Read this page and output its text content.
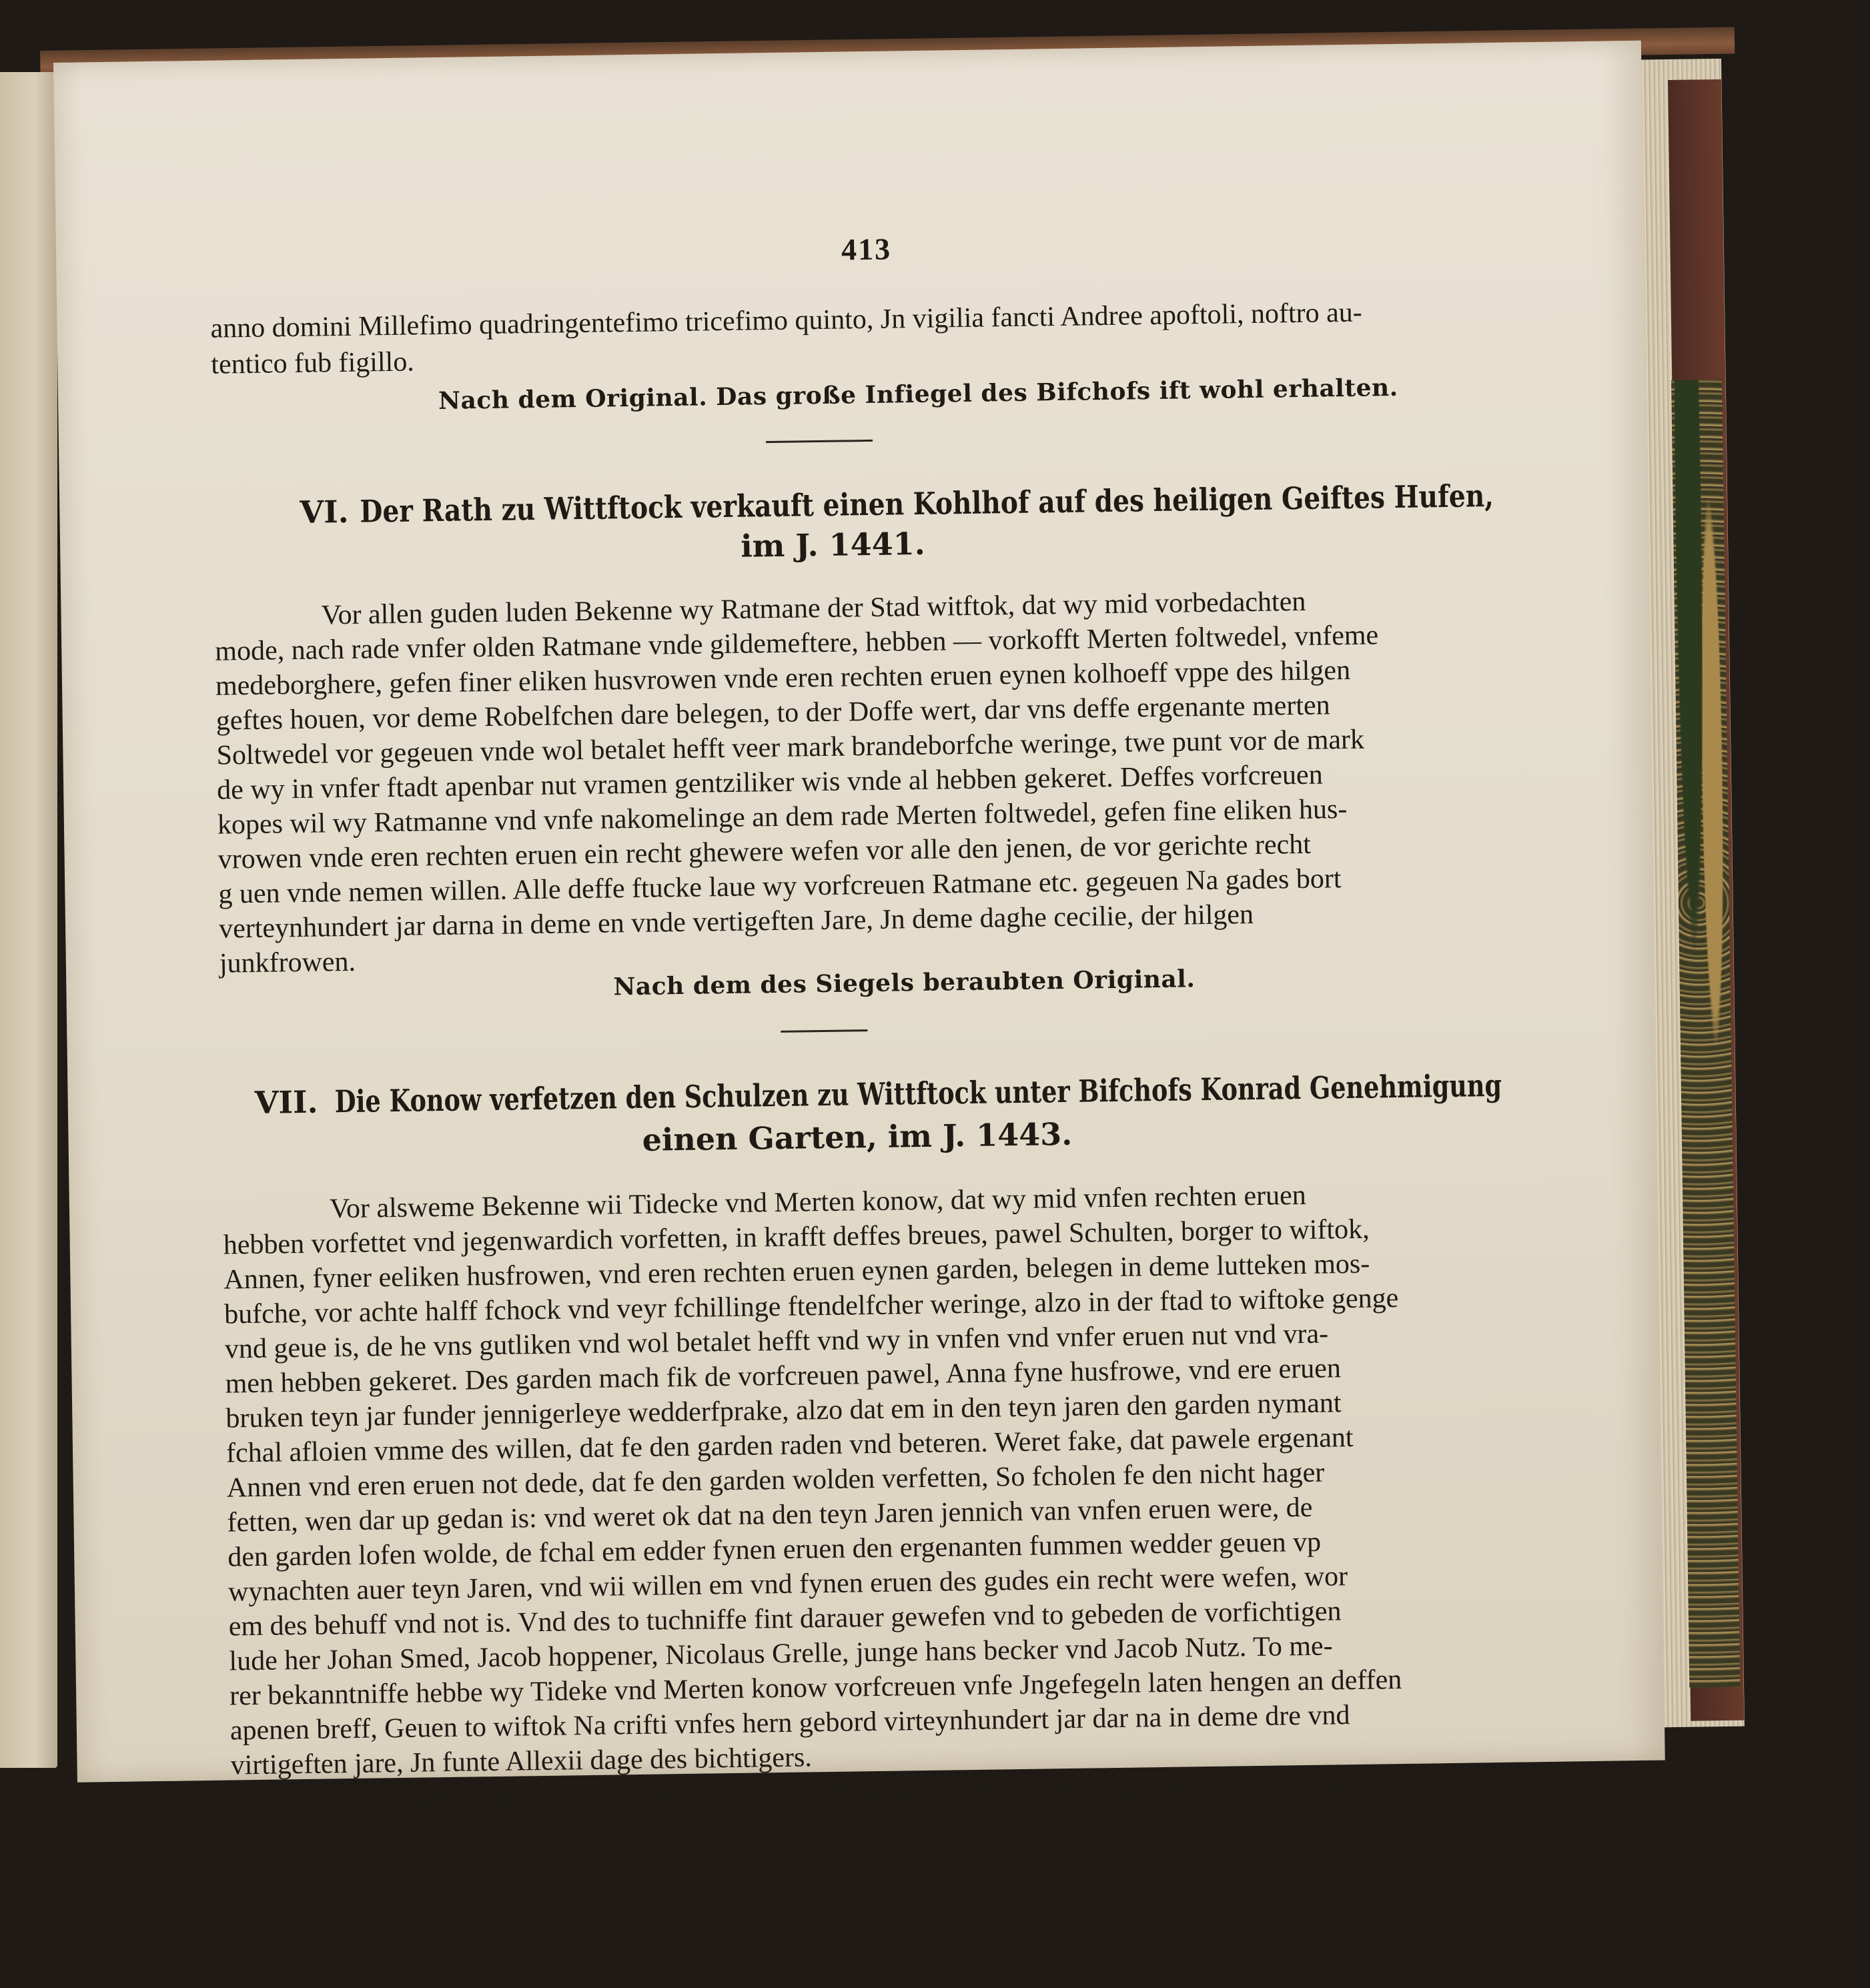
413
anno domini Millefimo quadringentefimo tricefimo quinto, Jn vigilia fancti Andree apoftoli, noftro au-
tentico fub figillo.
Nach dem Original. Das große Infiegel des Bifchofs ift wohl erhalten.
VI. Der Rath zu Wittftock verkauft einen Kohlhof auf des heiligen Geiftes Hufen,
im J. 1441.
Vor allen guden luden Bekenne wy Ratmane der Stad witftok, dat wy mid vorbedachten
mode, nach rade vnfer olden Ratmane vnde gildemeftere, hebben — vorkofft Merten foltwedel, vnfeme
medeborghere, gefen finer eliken husvrowen vnde eren rechten eruen eynen kolhoeff vppe des hilgen
geftes houen, vor deme Robelfchen dare belegen, to der Doffe wert, dar vns deffe ergenante merten
Soltwedel vor gegeuen vnde wol betalet hefft veer mark brandeborfche weringe, twe punt vor de mark
de wy in vnfer ftadt apenbar nut vramen gentziliker wis vnde al hebben gekeret. Deffes vorfcreuen
kopes wil wy Ratmanne vnd vnfe nakomelinge an dem rade Merten foltwedel, gefen fine eliken hus-
vrowen vnde eren rechten eruen ein recht ghewere wefen vor alle den jenen, de vor gerichte recht
g uen vnde nemen willen. Alle deffe ftucke laue wy vorfcreuen Ratmane etc. gegeuen Na gades bort
verteynhundert jar darna in deme en vnde vertigeften Jare, Jn deme daghe cecilie, der hilgen
junkfrowen.
Nach dem des Siegels beraubten Original.
VII. Die Konow verfetzen den Schulzen zu Wittftock unter Bifchofs Konrad Genehmigung
einen Garten, im J. 1443.
Vor alsweme Bekenne wii Tidecke vnd Merten konow, dat wy mid vnfen rechten eruen
hebben vorfettet vnd jegenwardich vorfetten, in krafft deffes breues, pawel Schulten, borger to wiftok,
Annen, fyner eeliken husfrowen, vnd eren rechten eruen eynen garden, belegen in deme lutteken mos-
bufche, vor achte halff fchock vnd veyr fchillinge ftendelfcher weringe, alzo in der ftad to wiftoke genge
vnd geue is, de he vns gutliken vnd wol betalet hefft vnd wy in vnfen vnd vnfer eruen nut vnd vra-
men hebben gekeret. Des garden mach fik de vorfcreuen pawel, Anna fyne husfrowe, vnd ere eruen
bruken teyn jar funder jennigerleye wedderfprake, alzo dat em in den teyn jaren den garden nymant
fchal afloien vmme des willen, dat fe den garden raden vnd beteren. Weret fake, dat pawele ergenant
Annen vnd eren eruen not dede, dat fe den garden wolden verfetten, So fcholen fe den nicht hager
fetten, wen dar up gedan is: vnd weret ok dat na den teyn Jaren jennich van vnfen eruen were, de
den garden lofen wolde, de fchal em edder fynen eruen den ergenanten fummen wedder geuen vp
wynachten auer teyn Jaren, vnd wii willen em vnd fynen eruen des gudes ein recht were wefen, wor
em des behuff vnd not is. Vnd des to tuchniffe fint darauer gewefen vnd to gebeden de vorfichtigen
lude her Johan Smed, Jacob hoppener, Nicolaus Grelle, junge hans becker vnd Jacob Nutz. To me-
rer bekanntniffe hebbe wy Tideke vnd Merten konow vorfcreuen vnfe Jngefegeln laten hengen an deffen
apenen breff, Geuen to wiftok Na crifti vnfes hern gebord virteynhundert jar dar na in deme dre vnd
virtigeften jare, Jn funte Allexii dage des bichtigers.
Wy Conrad, van gades gnaden, Biffchop to hauelberge, vulborden Jn alle artikel in deffem
53 *
